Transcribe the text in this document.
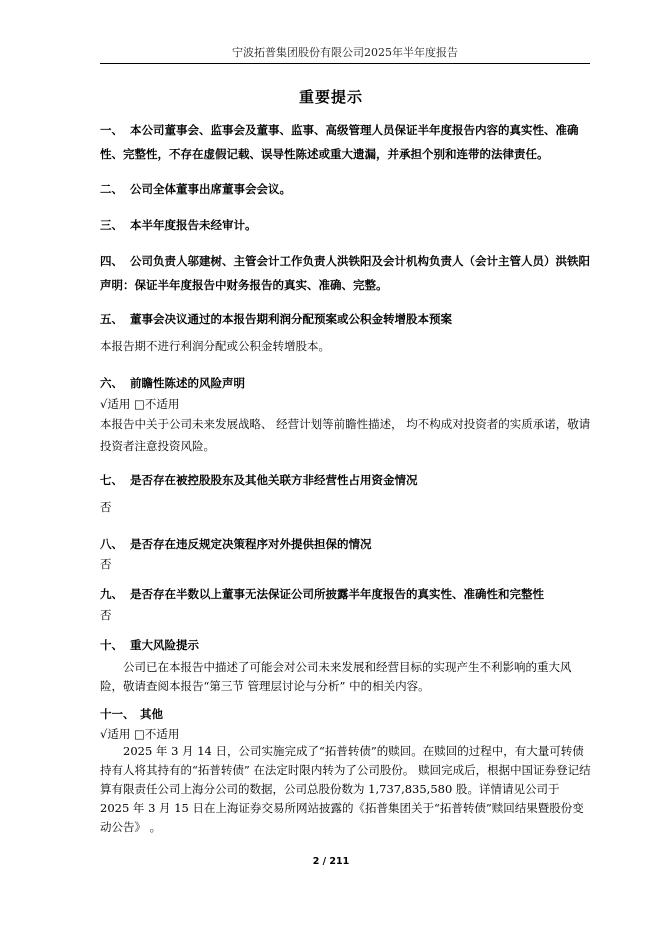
宁波拓普集团股份有限公司2025年半年度报告
重要提示
一、 本公司董事会、监事会及董事、监事、高级管理人员保证半年度报告内容的真实性、准确性、完整性，不存在虚假记载、误导性陈述或重大遗漏，并承担个别和连带的法律责任。
二、 公司全体董事出席董事会会议。
三、 本半年度报告未经审计。
四、 公司负责人邬建树、主管会计工作负责人洪铁阳及会计机构负责人（会计主管人员）洪铁阳声明：保证半年度报告中财务报告的真实、准确、完整。
五、 董事会决议通过的本报告期利润分配预案或公积金转增股本预案
本报告期不进行利润分配或公积金转增股本。
六、 前瞻性陈述的风险声明
√适用 □不适用
本报告中关于公司未来发展战略、 经营计划等前瞻性描述， 均不构成对投资者的实质承诺，敬请投资者注意投资风险。
七、 是否存在被控股股东及其他关联方非经营性占用资金情况
否
八、 是否存在违反规定决策程序对外提供担保的情况
否
九、 是否存在半数以上董事无法保证公司所披露半年度报告的真实性、准确性和完整性
否
十、 重大风险提示
公司已在本报告中描述了可能会对公司未来发展和经营目标的实现产生不利影响的重大风险，敬请查阅本报告“第三节 管理层讨论与分析” 中的相关内容。
十一、 其他
√适用 □不适用
2025 年 3 月 14 日，公司实施完成了“拓普转债”的赎回。在赎回的过程中，有大量可转债持有人将其持有的“拓普转债” 在法定时限内转为了公司股份。 赎回完成后，根据中国证券登记结算有限责任公司上海分公司的数据，公司总股份数为 1,737,835,580 股。详情请见公司于 2025 年 3 月 15 日在上海证券交易所网站披露的《拓普集团关于“拓普转债”赎回结果暨股份变动公告》 。
2 / 211
